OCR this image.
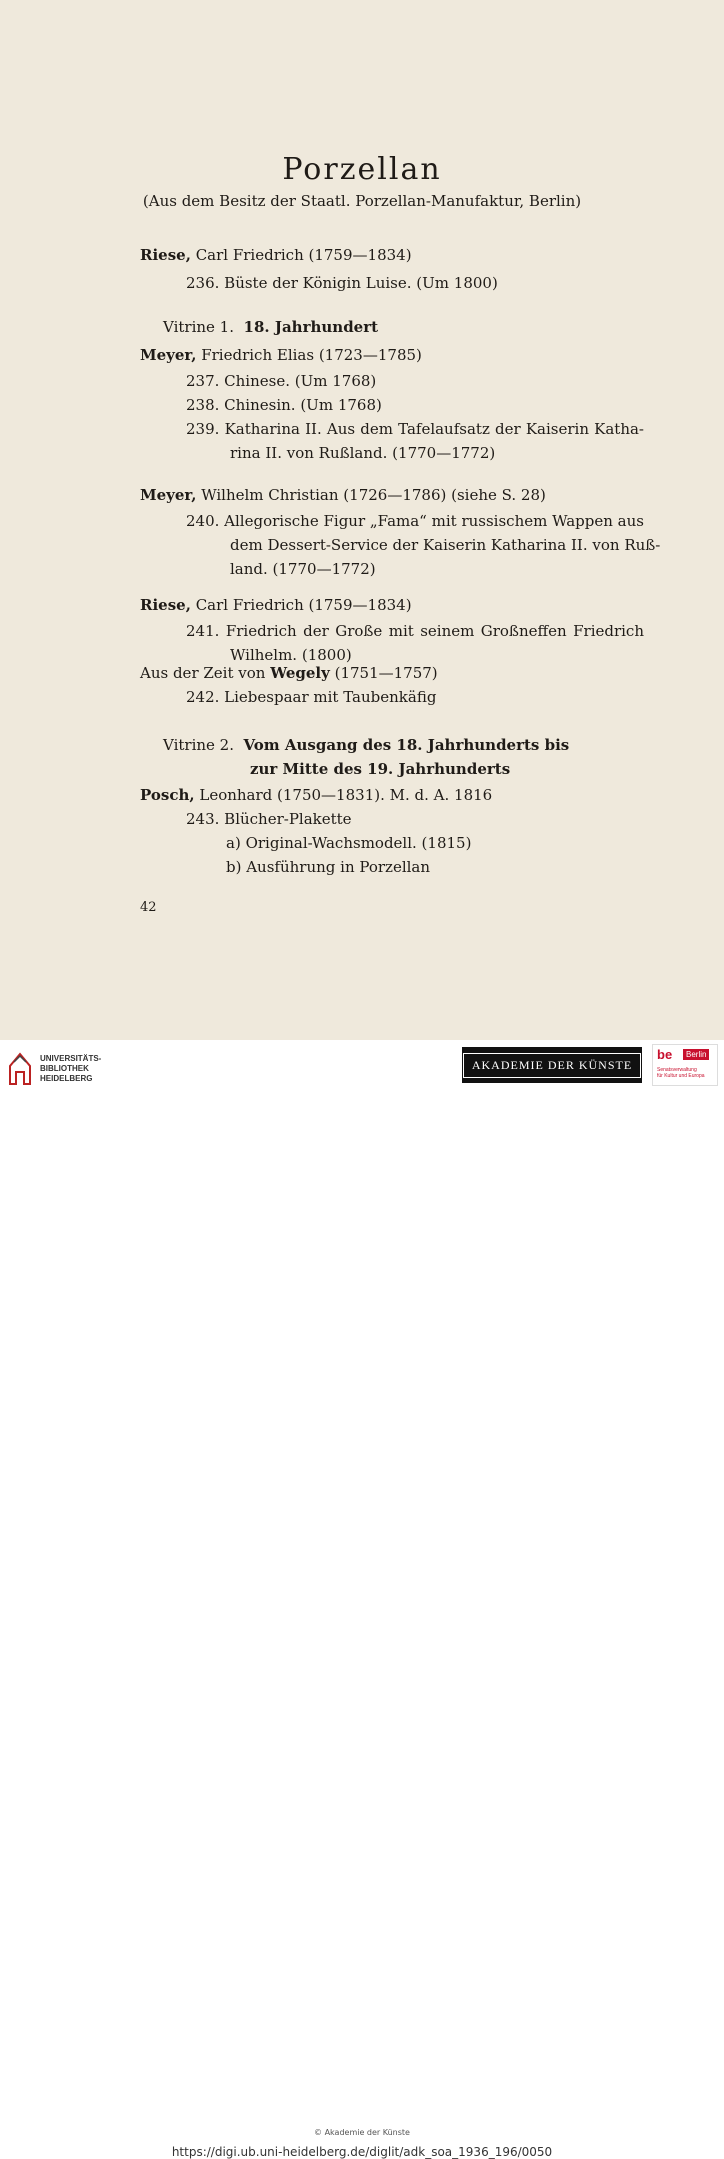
Porzellan
(Aus dem Besitz der Staatl. Porzellan-Manufaktur, Berlin)
Riese, Carl Friedrich (1759—1834)
236. Büste der Königin Luise. (Um 1800)
Vitrine 1. 18. Jahrhundert
Meyer, Friedrich Elias (1723—1785)
237. Chinese. (Um 1768)
238. Chinesin. (Um 1768)
239. Katharina II. Aus dem Tafelaufsatz der Kaiserin Katha-
rina II. von Rußland. (1770—1772)
Meyer, Wilhelm Christian (1726—1786) (siehe S. 28)
240. Allegorische Figur „Fama“ mit russischem Wappen aus
dem Dessert-Service der Kaiserin Katharina II. von Ruß-
land. (1770—1772)
Riese, Carl Friedrich (1759—1834)
241. Friedrich der Große mit seinem Großneffen Friedrich
Wilhelm. (1800)
Aus der Zeit von Wegely (1751—1757)
242. Liebespaar mit Taubenkäfig
Vitrine 2. Vom Ausgang des 18. Jahrhunderts bis
zur Mitte des 19. Jahrhunderts
Posch, Leonhard (1750—1831). M. d. A. 1816
243. Blücher-Plakette
a) Original-Wachsmodell. (1815)
b) Ausführung in Porzellan
42
UNIVERSITÄTS-
BIBLIOTHEK
HEIDELBERG
© Akademie der Künste
https://digi.ub.uni-heidelberg.de/diglit/adk_soa_1936_196/0050
AKADEMIE DER KÜNSTE
be	Berlin
Senatsverwaltung
für Kultur und Europa
